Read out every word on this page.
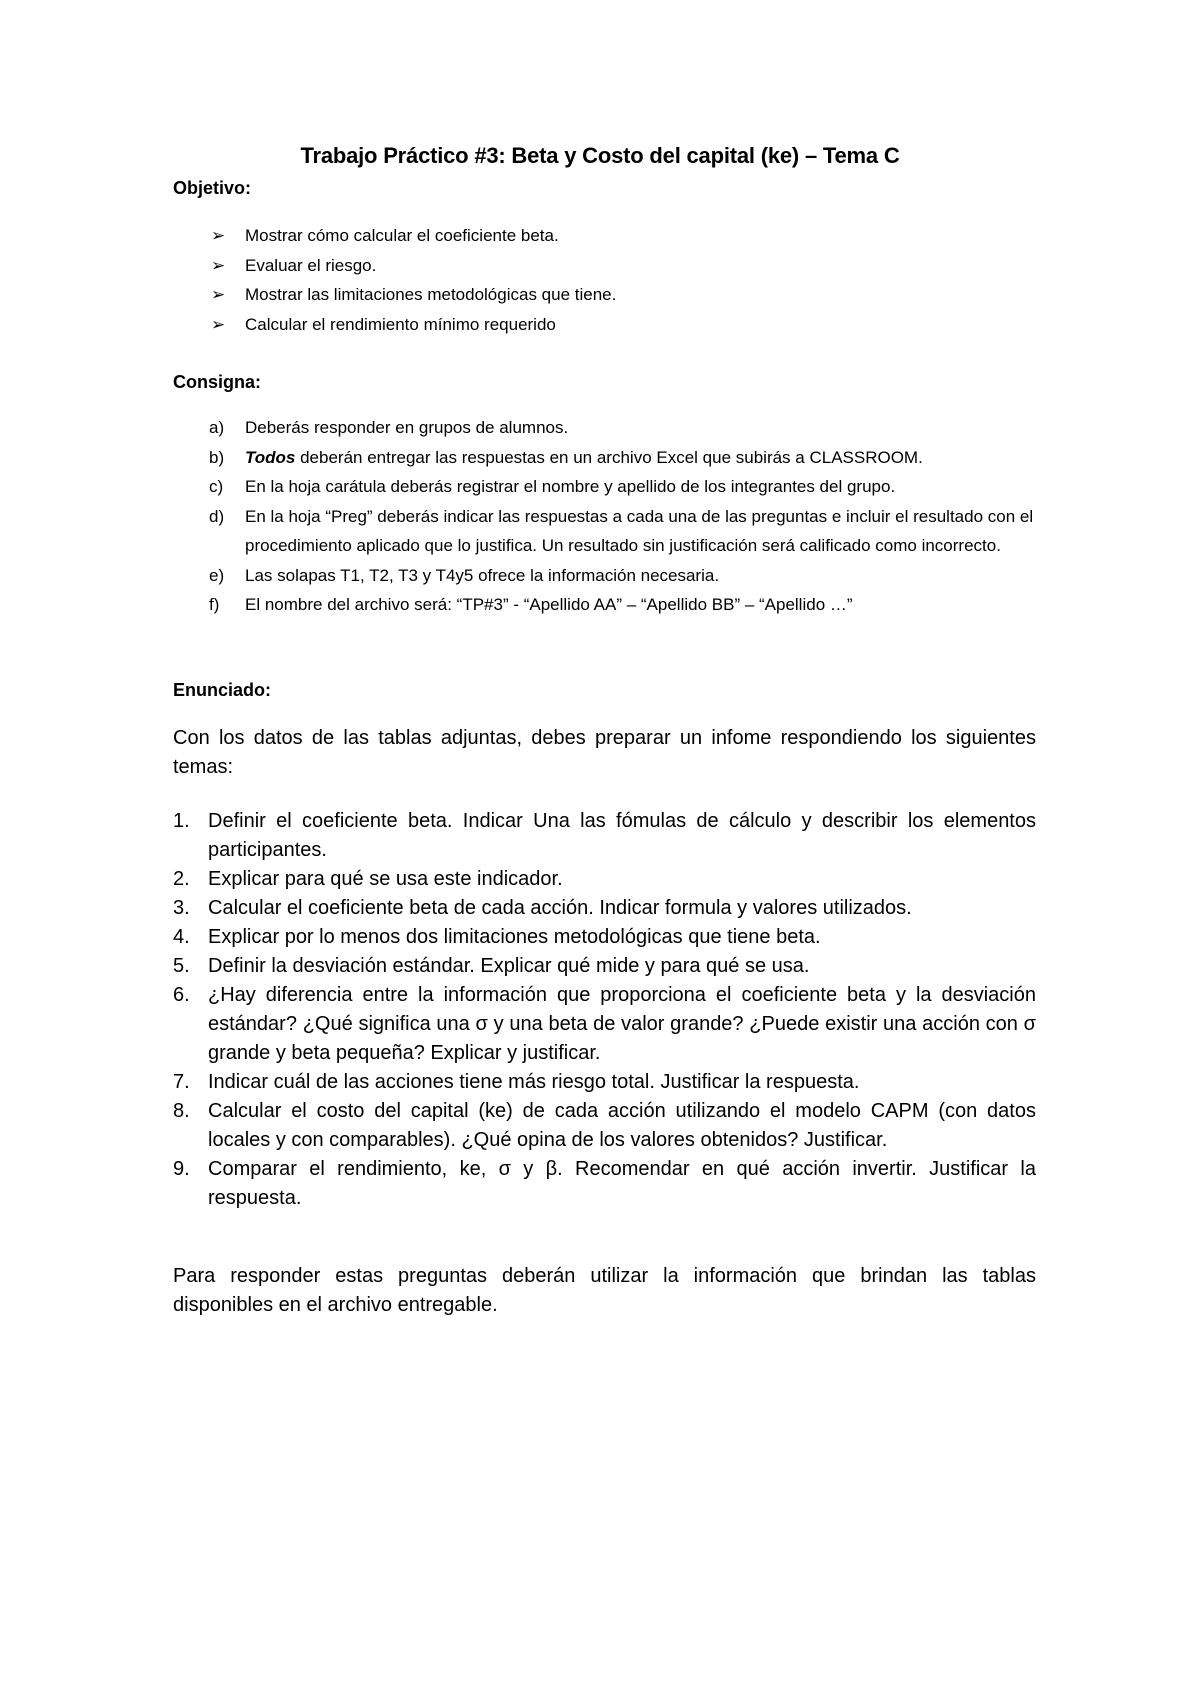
Trabajo Práctico #3: Beta y Costo del capital (ke) – Tema C
Objetivo:
➢ Mostrar cómo calcular el coeficiente beta.
➢ Evaluar el riesgo.
➢ Mostrar las limitaciones metodológicas que tiene.
➢ Calcular el rendimiento mínimo requerido
Consigna:
a) Deberás responder en grupos de alumnos.
b) Todos deberán entregar las respuestas en un archivo Excel que subirás a CLASSROOM.
c) En la hoja carátula deberás registrar el nombre y apellido de los integrantes del grupo.
d) En la hoja “Preg” deberás indicar las respuestas a cada una de las preguntas e incluir el resultado con el procedimiento aplicado que lo justifica. Un resultado sin justificación será calificado como incorrecto.
e) Las solapas T1, T2, T3 y T4y5 ofrece la información necesaria.
f) El nombre del archivo será: “TP#3” - “Apellido AA” – “Apellido BB” – “Apellido …”
Enunciado:
Con los datos de las tablas adjuntas, debes preparar un infome respondiendo los siguientes temas:
1. Definir el coeficiente beta. Indicar Una las fómulas de cálculo y describir los elementos participantes.
2. Explicar para qué se usa este indicador.
3. Calcular el coeficiente beta de cada acción. Indicar formula y valores utilizados.
4. Explicar por lo menos dos limitaciones metodológicas que tiene beta.
5. Definir la desviación estándar. Explicar qué mide y para qué se usa.
6. ¿Hay diferencia entre la información que proporciona el coeficiente beta y la desviación estándar? ¿Qué significa una σ y una beta de valor grande? ¿Puede existir una acción con σ grande y beta pequeña? Explicar y justificar.
7. Indicar cuál de las acciones tiene más riesgo total. Justificar la respuesta.
8. Calcular el costo del capital (ke) de cada acción utilizando el modelo CAPM (con datos locales y con comparables). ¿Qué opina de los valores obtenidos? Justificar.
9. Comparar el rendimiento, ke, σ y β. Recomendar en qué acción invertir. Justificar la respuesta.
Para responder estas preguntas deberán utilizar la información que brindan las tablas disponibles en el archivo entregable.
